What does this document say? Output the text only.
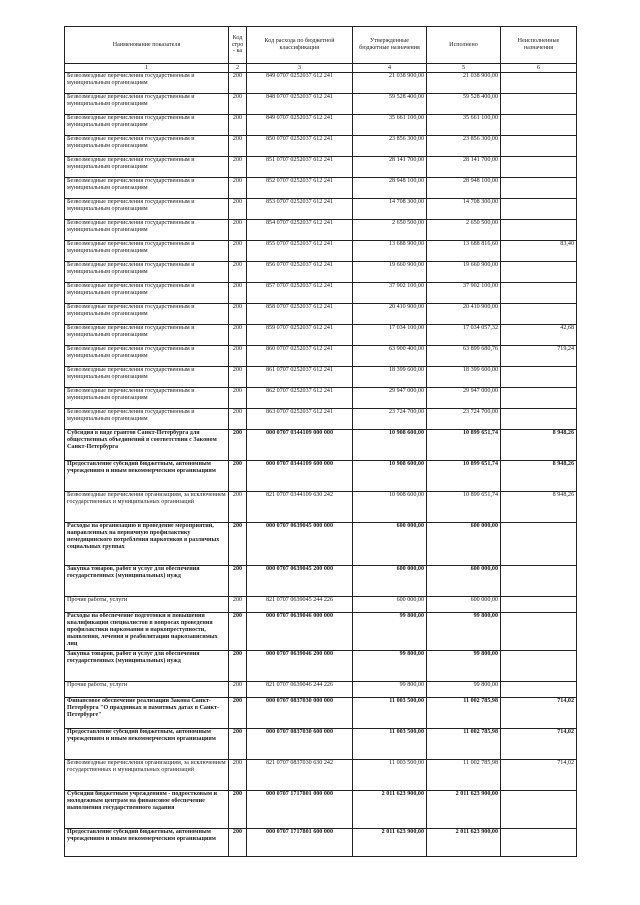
Наименование показателя	Код стро- ка	Код расхода по бюджетной классификации	Утвержденные бюджетные назначения	Исполнено	Неисполненные назначения
1	2	3	4	5	6
Безвозмездные перечисления государственным и муниципальным организациям	200	849 0707 0252037 612 241	21 038 900,00	21 038 900,00	
Безвозмездные перечисления государственным и муниципальным организациям	200	848 0707 0252037 612 241	59 528 400,00	59 528 400,00	
Безвозмездные перечисления государственным и муниципальным организациям	200	849 0707 0252037 612 241	35 661 100,00	35 661 100,00	
Безвозмездные перечисления государственным и муниципальным организациям	200	850 0707 0252037 612 241	23 856 300,00	23 856 300,00	
Безвозмездные перечисления государственным и муниципальным организациям	200	851 0707 0252037 612 241	28 141 700,00	28 141 700,00	
Безвозмездные перечисления государственным и муниципальным организациям	200	852 0707 0252037 612 241	28 948 100,00	28 948 100,00	
Безвозмездные перечисления государственным и муниципальным организациям	200	853 0707 0252037 612 241	14 708 300,00	14 708 300,00	
Безвозмездные перечисления государственным и муниципальным организациям	200	854 0707 0252037 612 241	2 650 500,00	2 650 500,00	
Безвозмездные перечисления государственным и муниципальным организациям	200	855 0707 0252037 612 241	13 688 900,00	13 688 816,60	83,40
Безвозмездные перечисления государственным и муниципальным организациям	200	856 0707 0252037 612 241	19 660 900,00	19 660 900,00	
Безвозмездные перечисления государственным и муниципальным организациям	200	857 0707 0252037 612 241	37 902 100,00	37 902 100,00	
Безвозмездные перечисления государственным и муниципальным организациям	200	858 0707 0252037 612 241	20 410 900,00	20 410 900,00	
Безвозмездные перечисления государственным и муниципальным организациям	200	859 0707 0252037 612 241	17 034 100,00	17 034 057,32	42,68
Безвозмездные перечисления государственным и муниципальным организациям	200	860 0707 0252037 612 241	63 900 400,00	63 899 680,76	719,24
Безвозмездные перечисления государственным и муниципальным организациям	200	861 0707 0252037 612 241	18 399 600,00	18 399 600,00	
Безвозмездные перечисления государственным и муниципальным организациям	200	862 0707 0252037 612 241	29 947 000,00	29 947 000,00	
Безвозмездные перечисления государственным и муниципальным организациям	200	863 0707 0252037 612 241	23 724 700,00	23 724 700,00	
Субсидия в виде грантов Санкт-Петербурга для общественных объединений в соответствии с Законом Санкт-Петербурга	200	000 0707 0344109 000 000	10 908 600,00	10 899 651,74	8 948,26
Предоставление субсидий бюджетным, автономным учреждениям и иным некоммерческим организациям	200	000 0707 0344109 600 000	10 908 600,00	10 899 651,74	8 948,26
Безвозмездные перечисления организациям, за исключением государственных и муниципальных организаций	200	821 0707 0344109 630 242	10 908 600,00	10 899 651,74	8 948,26
Расходы на организацию и проведение мероприятий, направленных на первичную профилактику немедицинского потребления наркотиков в различных социальных группах	200	000 0707 0639045 000 000	600 000,00	600 000,00	
Закупка товаров, работ и услуг для обеспечения государственных (муниципальных) нужд	200	000 0707 0639045 200 000	600 000,00	600 000,00	
Прочие работы, услуги	200	821 0707 0639045 244 226	600 000,00	600 000,00	
Расходы на обеспечение подготовки и повышения квалификации специалистов в вопросах проведения профилактики наркомании и наркопреступности, выявления, лечения и реабилитации наркозависимых лиц	200	000 0707 0639046 000 000	99 800,00	99 800,00	
Закупка товаров, работ и услуг для обеспечения государственных (муниципальных) нужд	200	000 0707 0639046 200 000	99 800,00	99 800,00	
Прочие работы, услуги	200	821 0707 0639046 244 226	99 800,00	99 800,00	
Финансовое обеспечение реализации Закона Санкт-Петербурга "О праздниках и памятных датах в Санкт-Петербурге"	200	000 0707 0837030 000 000	11 003 500,00	11 002 785,98	714,02
Предоставление субсидий бюджетным, автономным учреждениям и иным некоммерческим организациям	200	000 0707 0837030 600 000	11 003 500,00	11 002 785,98	714,02
Безвозмездные перечисления организациям, за исключением государственных и муниципальных организаций	200	821 0707 0837030 630 242	11 003 500,00	11 002 785,98	714,02
Субсидии бюджетным учреждениям - подростковым и молодежным центрам на финансовое обеспечение выполнения государственного задания	200	000 0707 1717801 000 000	2 011 623 900,00	2 011 623 900,00	
Предоставление субсидий бюджетным, автономным учреждениям и иным некоммерческим организациям	200	000 0707 1717801 600 000	2 011 623 900,00	2 011 623 900,00	
